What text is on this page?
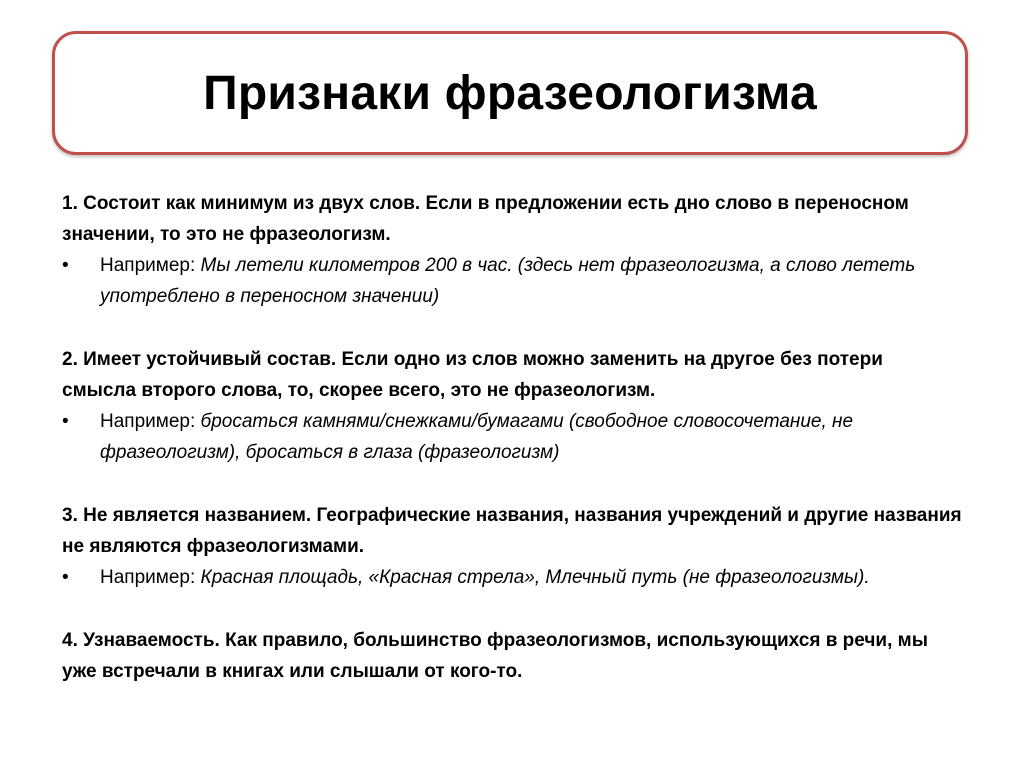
Признаки фразеологизма
1. Состоит как минимум из двух слов. Если в предложении есть дно слово в переносном значении, то это не фразеологизм.
• Например: Мы летели километров 200 в час. (здесь нет фразеологизма, а слово лететь употреблено в переносном значении)
2. Имеет устойчивый состав. Если одно из слов можно заменить на другое без потери смысла второго слова, то, скорее всего, это не фразеологизм.
• Например: бросаться камнями/снежками/бумагами (свободное словосочетание, не фразеологизм), бросаться в глаза (фразеологизм)
3. Не является названием. Географические названия, названия учреждений и другие названия не являются фразеологизмами.
• Например: Красная площадь, «Красная стрела», Млечный путь (не фразеологизмы).
4. Узнаваемость. Как правило, большинство фразеологизмов, использующихся в речи, мы уже встречали в книгах или слышали от кого-то.
